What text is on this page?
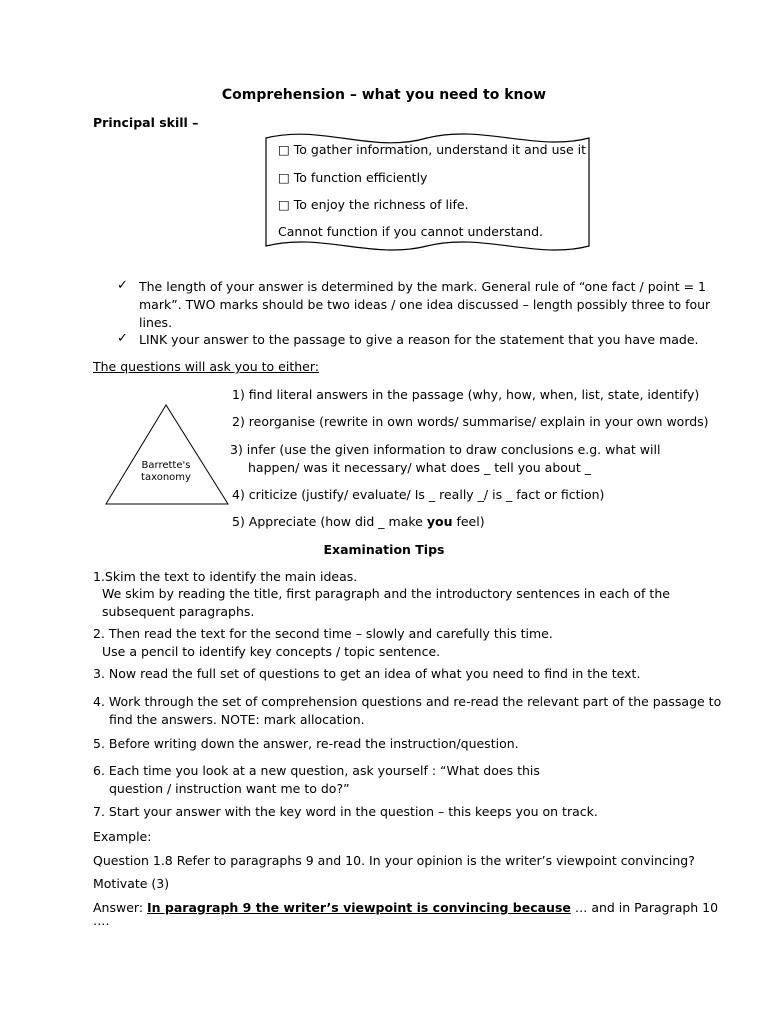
Comprehension – what you need to know
Principal skill –
□ To gather information, understand it and use it
□ To function efficiently
□ To enjoy the richness of life.
Cannot function if you cannot understand.
✓ The length of your answer is determined by the mark. General rule of “one fact / point = 1
mark”. TWO marks should be two ideas / one idea discussed – length possibly three to four
lines.
✓ LINK your answer to the passage to give a reason for the statement that you have made.
The questions will ask you to either:
Barrette's
taxonomy
1) find literal answers in the passage (why, how, when, list, state, identify)
2) reorganise (rewrite in own words/ summarise/ explain in your own words)
3) infer (use the given information to draw conclusions e.g. what will
happen/ was it necessary/ what does _ tell you about _
4) criticize (justify/ evaluate/ Is _ really _/ is _ fact or fiction)
5) Appreciate (how did _ make you feel)
Examination Tips
1.Skim the text to identify the main ideas.
We skim by reading the title, first paragraph and the introductory sentences in each of the
subsequent paragraphs.
2. Then read the text for the second time – slowly and carefully this time.
Use a pencil to identify key concepts / topic sentence.
3. Now read the full set of questions to get an idea of what you need to find in the text.
4. Work through the set of comprehension questions and re-read the relevant part of the passage to
find the answers. NOTE: mark allocation.
5. Before writing down the answer, re-read the instruction/question.
6. Each time you look at a new question, ask yourself : “What does this
question / instruction want me to do?”
7. Start your answer with the key word in the question – this keeps you on track.
Example:
Question 1.8 Refer to paragraphs 9 and 10. In your opinion is the writer’s viewpoint convincing?
Motivate (3)
Answer: In paragraph 9 the writer’s viewpoint is convincing because … and in Paragraph 10
….
